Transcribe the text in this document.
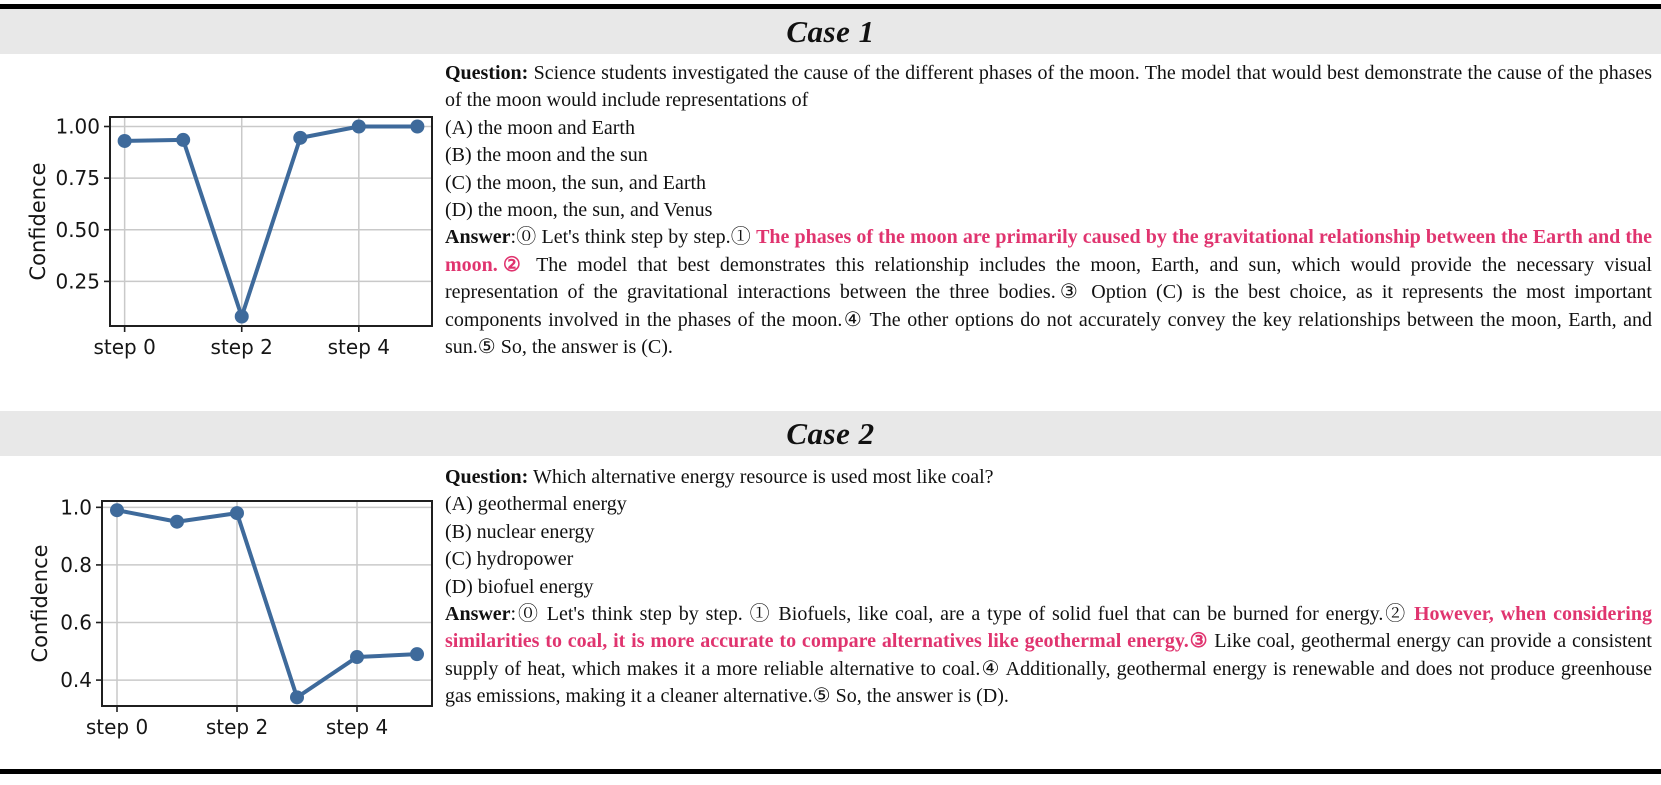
Case 1
0.25
0.50
0.75
1.00
step 0	step 2	step 4
Confidence

Question: Science students investigated the cause of the different phases of the moon. The model that would best demonstrate the cause of the phases of the moon would include representations of

(A) the moon and Earth
(B) the moon and the sun
(C) the moon, the sun, and Earth
(D) the moon, the sun, and Venus

Answer:⓪ Let's think step by step.① The phases of the moon are primarily caused by the gravitational relationship between the Earth and the moon.② The model that best demonstrates this relationship includes the moon, Earth, and sun, which would provide the necessary visual representation of the gravitational interactions between the three bodies.③ Option (C) is the best choice, as it represents the most important components involved in the phases of the moon.④ The other options do not accurately convey the key relationships between the moon, Earth, and sun.⑤ So, the answer is (C).

Case 2
0.4
0.6
0.8
1.0
step 0	step 2	step 4
Confidence

Question: Which alternative energy resource is used most like coal?

(A) geothermal energy
(B) nuclear energy
(C) hydropower
(D) biofuel energy

Answer:⓪ Let's think step by step. ① Biofuels, like coal, are a type of solid fuel that can be burned for energy.② However, when considering similarities to coal, it is more accurate to compare alternatives like geothermal energy.③ Like coal, geothermal energy can provide a consistent supply of heat, which makes it a more reliable alternative to coal.④ Additionally, geothermal energy is renewable and does not produce greenhouse gas emissions, making it a cleaner alternative.⑤ So, the answer is (D).
